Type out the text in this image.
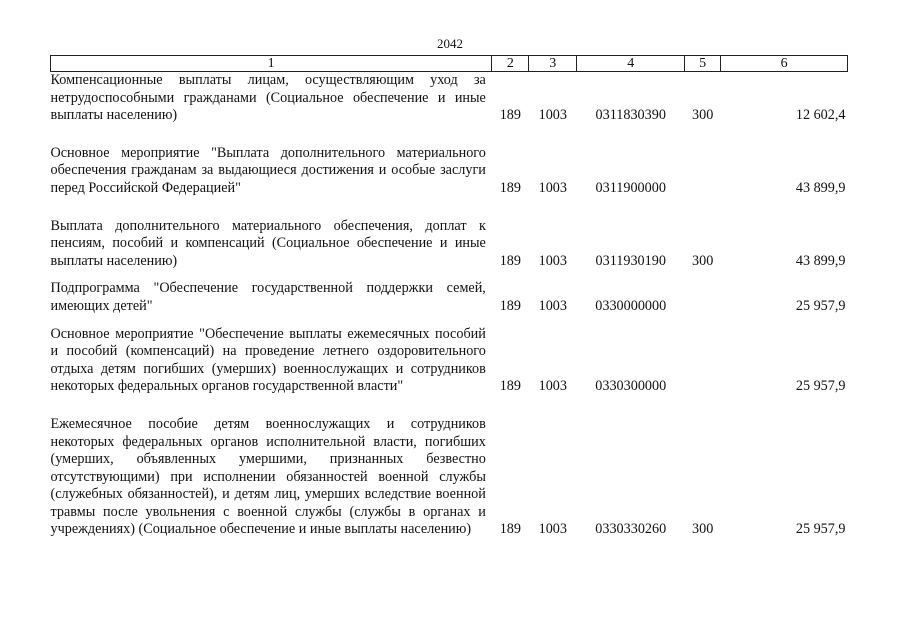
2042
1	2	3	4	5	6
Компенсационные выплаты лицам, осуществляющим уход за нетрудоспособными гражданами (Социальное обеспечение и иные выплаты населению)	189	1003	0311830390	300	12 602,4
Основное мероприятие "Выплата дополнительного материального обеспечения гражданам за выдающиеся достижения и особые заслуги перед Российской Федерацией"	189	1003	0311900000		43 899,9
Выплата дополнительного материального обеспечения, доплат к пенсиям, пособий и компенсаций (Социальное обеспечение и иные выплаты населению)	189	1003	0311930190	300	43 899,9
Подпрограмма "Обеспечение государственной поддержки семей, имеющих детей"	189	1003	0330000000		25 957,9
Основное мероприятие "Обеспечение выплаты ежемесячных пособий и пособий (компенсаций) на проведение летнего оздоровительного отдыха детям погибших (умерших) военнослужащих и сотрудников некоторых федеральных органов государственной власти"	189	1003	0330300000		25 957,9
Ежемесячное пособие детям военнослужащих и сотрудников некоторых федеральных органов исполнительной власти, погибших (умерших, объявленных умершими, признанных безвестно отсутствующими) при исполнении обязанностей военной службы (служебных обязанностей), и детям лиц, умерших вследствие военной травмы после увольнения с военной службы (службы в органах и учреждениях) (Социальное обеспечение и иные выплаты населению)	189	1003	0330330260	300	25 957,9
